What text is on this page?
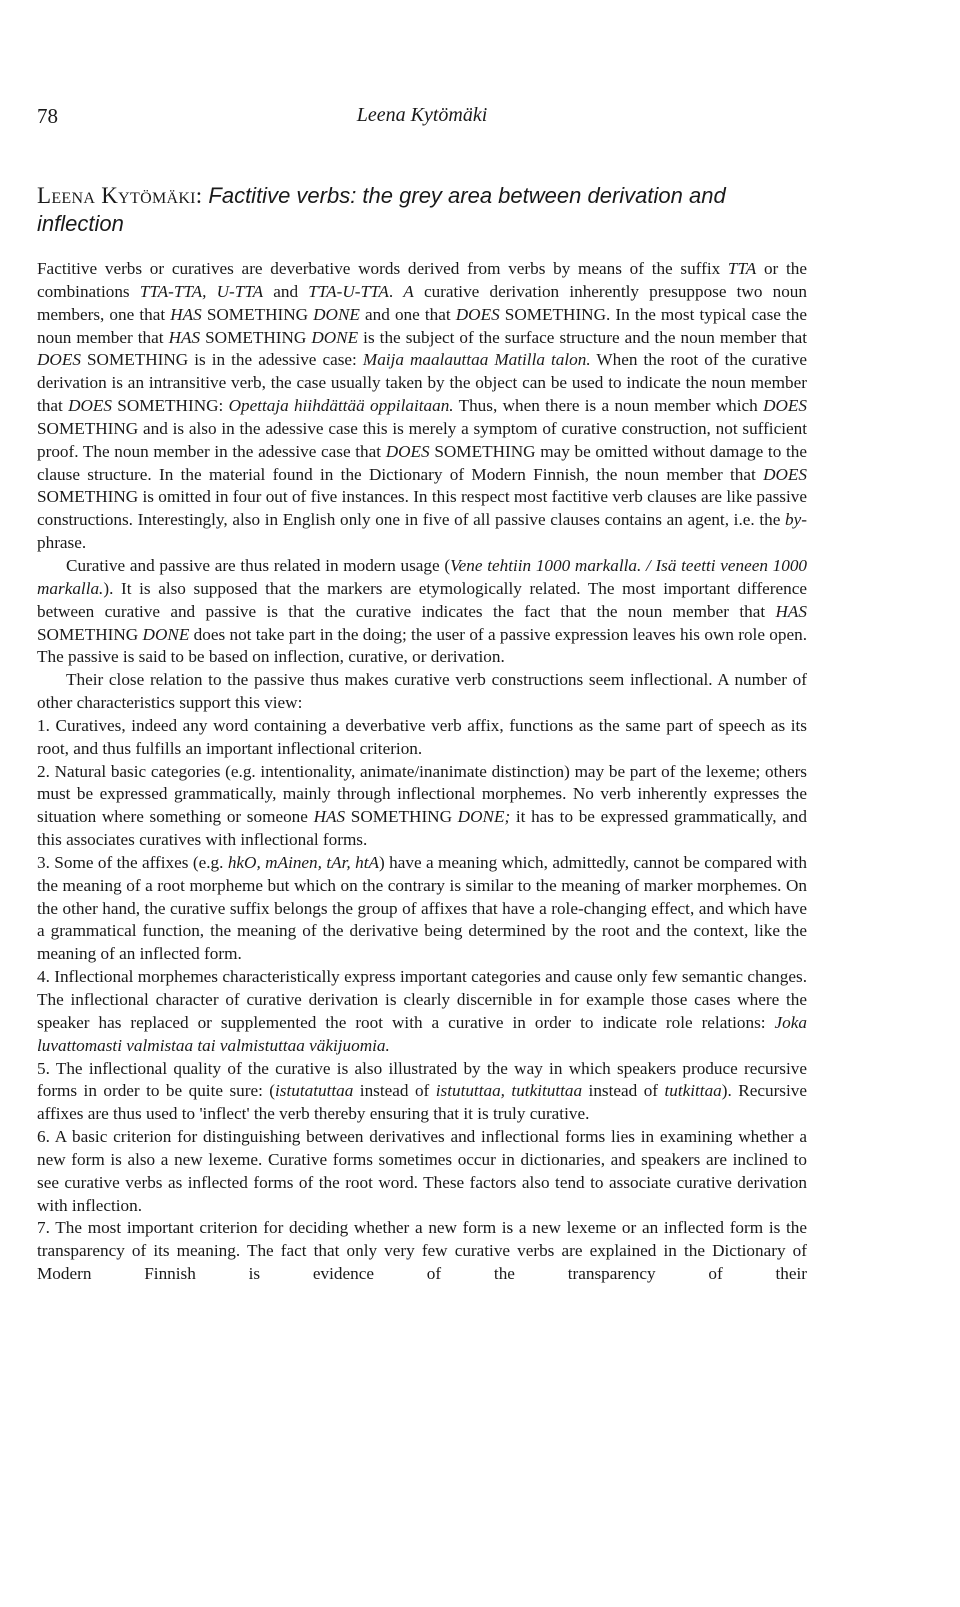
78	Leena Kytömäki
Leena Kytömäki: Factitive verbs: the grey area between derivation and inflection

Factitive verbs or curatives are deverbative words derived from verbs by means of the suffix TTA or the combinations TTA-TTA, U-TTA and TTA-U-TTA. A curative derivation inherently presuppose two noun members, one that HAS SOMETHING DONE and one that DOES SOMETHING. In the most typical case the noun member that HAS SOMETHING DONE is the subject of the surface structure and the noun member that DOES SOMETHING is in the adessive case: Maija maalauttaa Matilla talon. When the root of the curative derivation is an intransitive verb, the case usually taken by the object can be used to indicate the noun member that DOES SOMETHING: Opettaja hiihdättää oppilaitaan. Thus, when there is a noun member which DOES SOMETHING and is also in the adessive case this is merely a symptom of curative construction, not sufficient proof. The noun member in the adessive case that DOES SOMETHING may be omitted without damage to the clause structure. In the material found in the Dictionary of Modern Finnish, the noun member that DOES SOMETHING is omitted in four out of five instances. In this respect most factitive verb clauses are like passive constructions. Interestingly, also in English only one in five of all passive clauses contains an agent, i.e. the by-phrase.

Curative and passive are thus related in modern usage (Vene tehtiin 1000 markalla. / Isä teetti veneen 1000 markalla.). It is also supposed that the markers are etymologically related. The most important difference between curative and passive is that the curative indicates the fact that the noun member that HAS SOMETHING DONE does not take part in the doing; the user of a passive expression leaves his own role open. The passive is said to be based on inflection, curative, or derivation.

Their close relation to the passive thus makes curative verb constructions seem inflectional. A number of other characteristics support this view:

1. Curatives, indeed any word containing a deverbative verb affix, functions as the same part of speech as its root, and thus fulfills an important inflectional criterion.

2. Natural basic categories (e.g. intentionality, animate/inanimate distinction) may be part of the lexeme; others must be expressed grammatically, mainly through inflectional morphemes. No verb inherently expresses the situation where something or someone HAS SOMETHING DONE; it has to be expressed grammatically, and this associates curatives with inflectional forms.

3. Some of the affixes (e.g. hkO, mAinen, tAr, htA) have a meaning which, admittedly, cannot be compared with the meaning of a root morpheme but which on the contrary is similar to the meaning of marker morphemes. On the other hand, the curative suffix belongs the group of affixes that have a role-changing effect, and which have a grammatical function, the meaning of the derivative being determined by the root and the context, like the meaning of an inflected form.

4. Inflectional morphemes characteristically express important categories and cause only few semantic changes. The inflectional character of curative derivation is clearly discernible in for example those cases where the speaker has replaced or supplemented the root with a curative in order to indicate role relations: Joka luvattomasti valmistaa tai valmistuttaa väkijuomia.

5. The inflectional quality of the curative is also illustrated by the way in which speakers produce recursive forms in order to be quite sure: (istutatuttaa instead of istututtaa, tutkituttaa instead of tutkittaa). Recursive affixes are thus used to 'inflect' the verb thereby ensuring that it is truly curative.

6. A basic criterion for distinguishing between derivatives and inflectional forms lies in examining whether a new form is also a new lexeme. Curative forms sometimes occur in dictionaries, and speakers are inclined to see curative verbs as inflected forms of the root word. These factors also tend to associate curative derivation with inflection.

7. The most important criterion for deciding whether a new form is a new lexeme or an inflected form is the transparency of its meaning. The fact that only very few curative verbs are explained in the Dictionary of Modern Finnish is evidence of the transparency of their
